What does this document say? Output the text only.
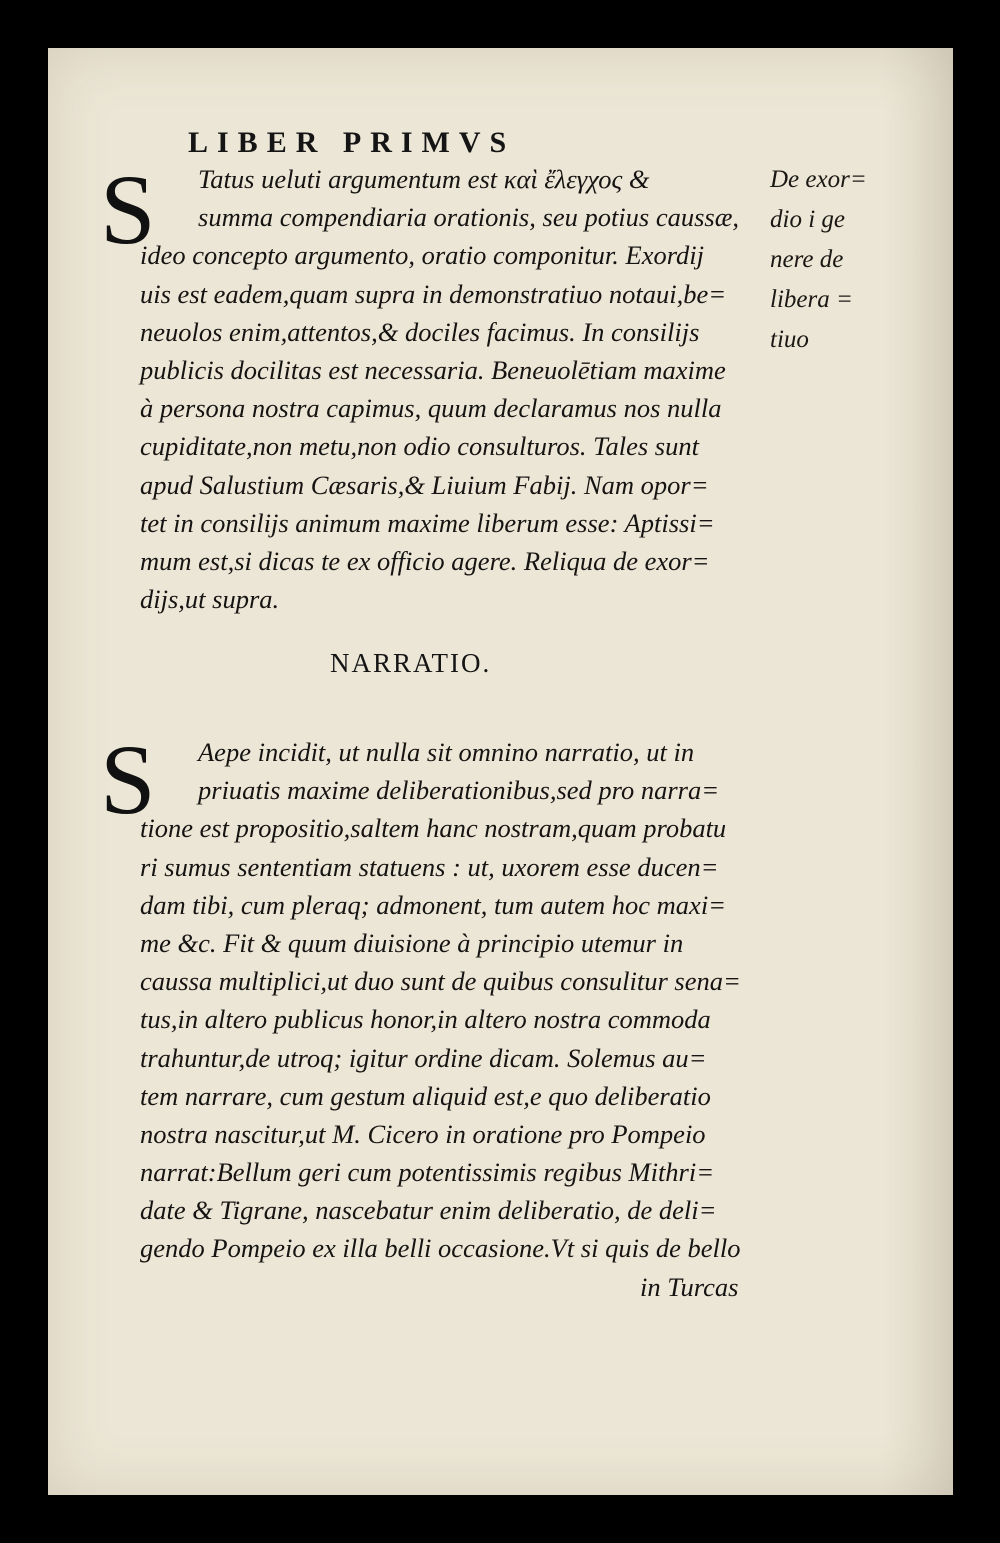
LIBER PRIMVS
S	Tatus ueluti argumentum est καὶ ἔλεγχος &
summa compendiaria orationis, seu potius caussæ,
ideo concepto argumento, oratio componitur. Exordij
uis est eadem,quam supra in demonstratiuo notaui,be=
neuolos enim,attentos,& dociles facimus. In consilijs
publicis docilitas est necessaria. Beneuolētiam maxime
à persona nostra capimus, quum declaramus nos nulla
cupiditate,non metu,non odio consulturos. Tales sunt
apud Salustium Cæsaris,& Liuium Fabij. Nam opor=
tet in consilijs animum maxime liberum esse: Aptissi=
mum est,si dicas te ex officio agere. Reliqua de exor=
dijs,ut supra.
De exor=
dio i ge
nere de
libera =
tiuo
NARRATIO.
S	Aepe incidit, ut nulla sit omnino narratio, ut in
priuatis maxime deliberationibus,sed pro narra=
tione est propositio,saltem hanc nostram,quam probatu
ri sumus sententiam statuens : ut, uxorem esse ducen=
dam tibi, cum pleraq; admonent, tum autem hoc maxi=
me &c. Fit & quum diuisione à principio utemur in
caussa multiplici,ut duo sunt de quibus consulitur sena=
tus,in altero publicus honor,in altero nostra commoda
trahuntur,de utroq; igitur ordine dicam. Solemus au=
tem narrare, cum gestum aliquid est,e quo deliberatio
nostra nascitur,ut M. Cicero in oratione pro Pompeio
narrat:Bellum geri cum potentissimis regibus Mithri=
date & Tigrane, nascebatur enim deliberatio, de deli=
gendo Pompeio ex illa belli occasione.Vt si quis de bello
in Turcas
